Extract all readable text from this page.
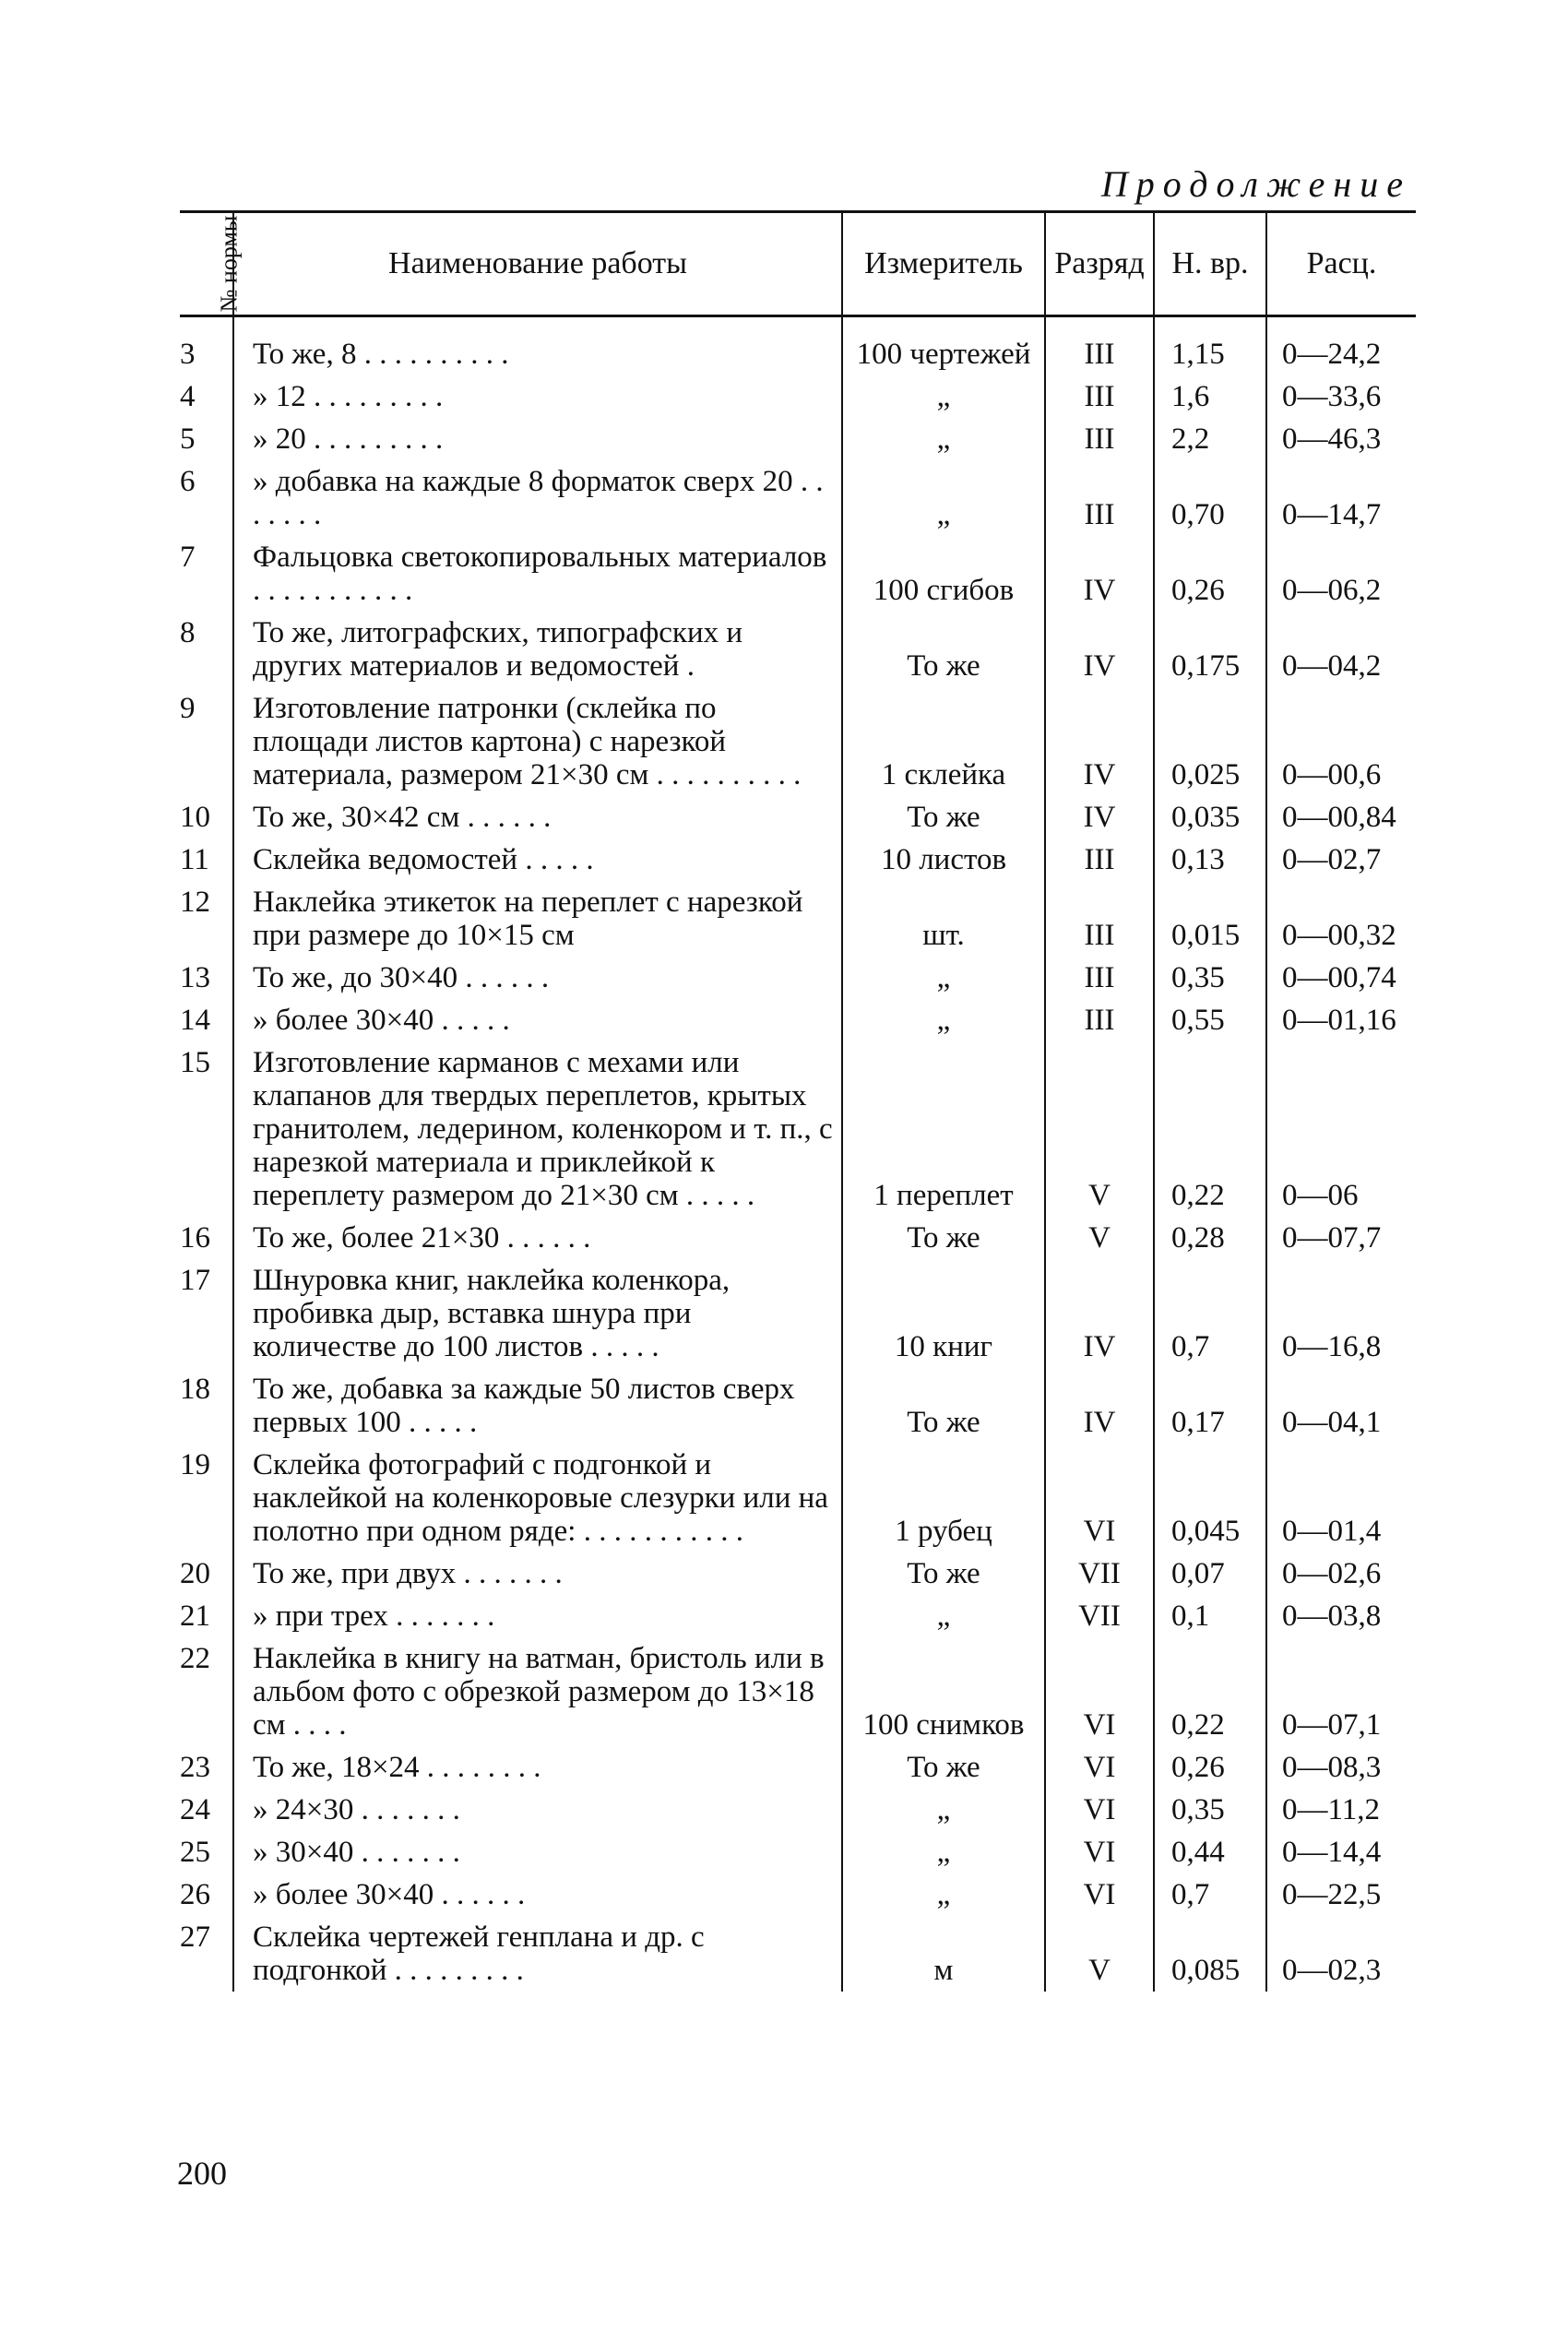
Продолжение
№ нормы	Наименование работы	Измеритель	Разряд	Н. вр.	Расц.
3	То же, 8 . . . . . . . . . .	100 чертежей	III	1,15	0—24,2
4	» 12 . . . . . . . . .	„	III	1,6	0—33,6
5	» 20 . . . . . . . . .	„	III	2,2	0—46,3
6	» добавка на каждые 8 форматок сверх 20 . . . . . . .	„	III	0,70	0—14,7
7	Фальцовка светокопировальных материалов . . . . . . . . . . .	100 сгибов	IV	0,26	0—06,2
8	То же, литографских, типографских и других материалов и ведомостей .	То же	IV	0,175	0—04,2
9	Изготовление патронки (склейка по площади листов картона) с нарезкой материала, размером 21×30 см . . . . . . . . . .	1 склейка	IV	0,025	0—00,6
10	То же, 30×42 см . . . . . .	То же	IV	0,035	0—00,84
11	Склейка ведомостей . . . . .	10 листов	III	0,13	0—02,7
12	Наклейка этикеток на переплет с нарезкой при размере до 10×15 см	шт.	III	0,015	0—00,32
13	То же, до 30×40 . . . . . .	„	III	0,35	0—00,74
14	» более 30×40 . . . . .	„	III	0,55	0—01,16
15	Изготовление карманов с мехами или клапанов для твердых переплетов, крытых гранитолем, ледерином, коленкором и т. п., с нарезкой материала и приклейкой к переплету размером до 21×30 см . . . . .	1 переплет	V	0,22	0—06
16	То же, более 21×30 . . . . . .	То же	V	0,28	0—07,7
17	Шнуровка книг, наклейка коленкора, пробивка дыр, вставка шнура при количестве до 100 листов . . . . .	10 книг	IV	0,7	0—16,8
18	То же, добавка за каждые 50 листов сверх первых 100 . . . . .	То же	IV	0,17	0—04,1
19	Склейка фотографий с подгонкой и наклейкой на коленкоровые слезурки или на полотно при одном ряде: . . . . . . . . . . .	1 рубец	VI	0,045	0—01,4
20	То же, при двух . . . . . . .	То же	VII	0,07	0—02,6
21	» при трех . . . . . . .	„	VII	0,1	0—03,8
22	Наклейка в книгу на ватман, бристоль или в альбом фото с обрезкой размером до 13×18 см . . . .	100 снимков	VI	0,22	0—07,1
23	То же, 18×24 . . . . . . . .	То же	VI	0,26	0—08,3
24	» 24×30 . . . . . . .	„	VI	0,35	0—11,2
25	» 30×40 . . . . . . .	„	VI	0,44	0—14,4
26	» более 30×40 . . . . . .	„	VI	0,7	0—22,5
27	Склейка чертежей генплана и др. с подгонкой . . . . . . . . .	м	V	0,085	0—02,3
200
